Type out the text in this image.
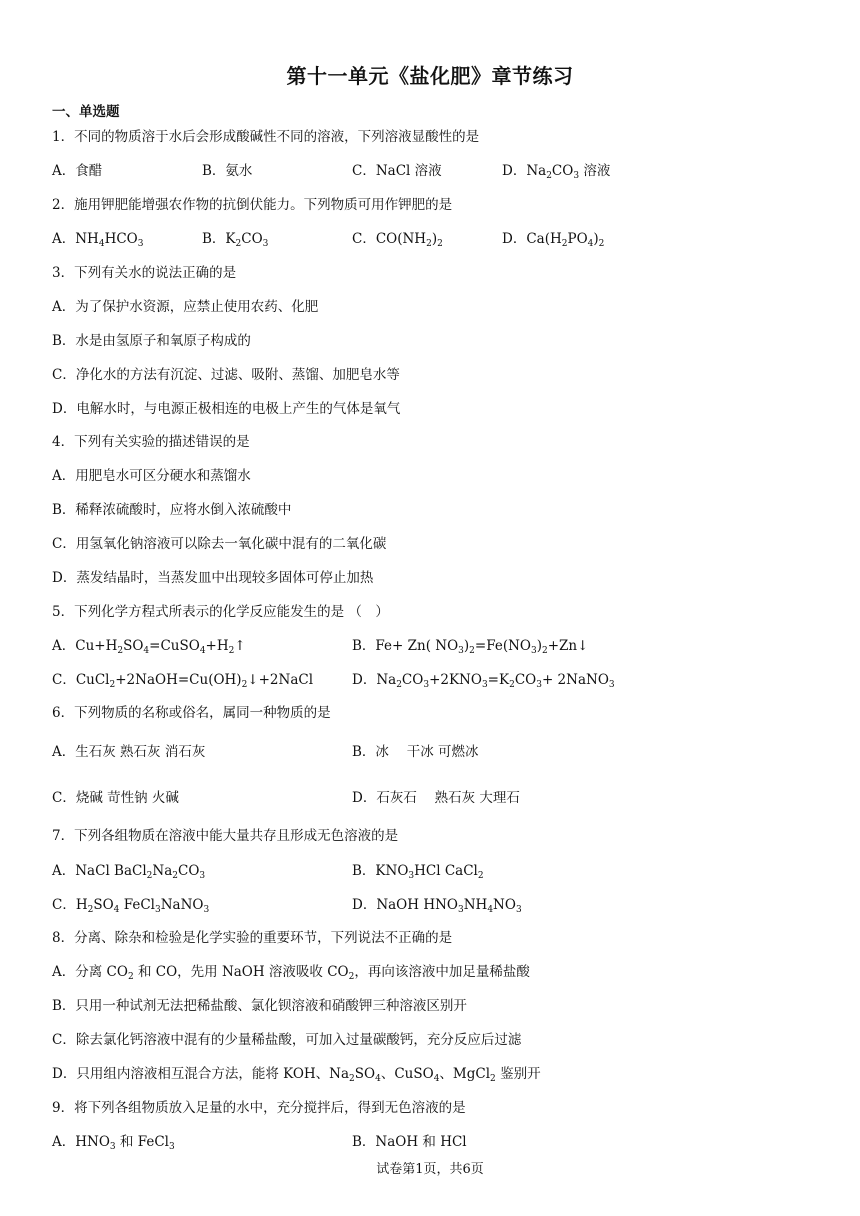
第十一单元《盐化肥》章节练习
一、单选题
1．不同的物质溶于水后会形成酸碱性不同的溶液，下列溶液显酸性的是
A．食醋	B．氨水	C．NaCl 溶液	D．$Na_2CO_3$ 溶液
2．施用钾肥能增强农作物的抗倒伏能力。下列物质可用作钾肥的是
A．$NH_4HCO_3$	B．$K_2CO_3$	C．$CO(NH_2)_2$	D．$Ca(H_2PO_4)_2$
3．下列有关水的说法正确的是
A．为了保护水资源，应禁止使用农药、化肥
B．水是由氢原子和氧原子构成的
C．净化水的方法有沉淀、过滤、吸附、蒸馏、加肥皂水等
D．电解水时，与电源正极相连的电极上产生的气体是氧气
4．下列有关实验的描述错误的是
A．用肥皂水可区分硬水和蒸馏水
B．稀释浓硫酸时，应将水倒入浓硫酸中
C．用氢氧化钠溶液可以除去一氧化碳中混有的二氧化碳
D．蒸发结晶时，当蒸发皿中出现较多固体可停止加热
5．下列化学方程式所表示的化学反应能发生的是 （　）
A．$Cu+H_2SO_4=CuSO_4+H_2↑$	B．Fe+ Zn( $NO_3)_2=Fe(NO_3)_2+Zn↓$
C．$CuCl_2+2NaOH=Cu(OH)_2↓+2NaCl$	D．$Na_2CO_3+2KNO_3=K_2CO_3+$ 2NaNO$_3$
6．下列物质的名称或俗名，属同一种物质的是
A．生石灰 熟石灰 消石灰	B．冰　 干冰 可燃冰
C．烧碱 苛性钠 火碱	D．石灰石　 熟石灰 大理石
7．下列各组物质在溶液中能大量共存且形成无色溶液的是
A．NaCl $BaCl_2Na_2CO_3$	B．$KNO_3HCl$ CaCl$_2$
C．$H_2SO_4$ FeCl$_3$NaNO$_3$	D．NaOH $HNO_3NH_4NO_3$
8．分离、除杂和检验是化学实验的重要环节，下列说法不正确的是
A．分离 $CO_2$ 和 CO，先用 NaOH 溶液吸收 $CO_2$，再向该溶液中加足量稀盐酸
B．只用一种试剂无法把稀盐酸、氯化钡溶液和硝酸钾三种溶液区别开
C．除去氯化钙溶液中混有的少量稀盐酸，可加入过量碳酸钙，充分反应后过滤
D．只用组内溶液相互混合方法，能将 KOH、$Na_2SO_4$、CuSO$_4$、MgCl$_2$ 鉴别开
9．将下列各组物质放入足量的水中，充分搅拌后，得到无色溶液的是
A．$HNO_3$ 和 FeCl$_3$	B．NaOH 和 HCl
试卷第1页，共6页
